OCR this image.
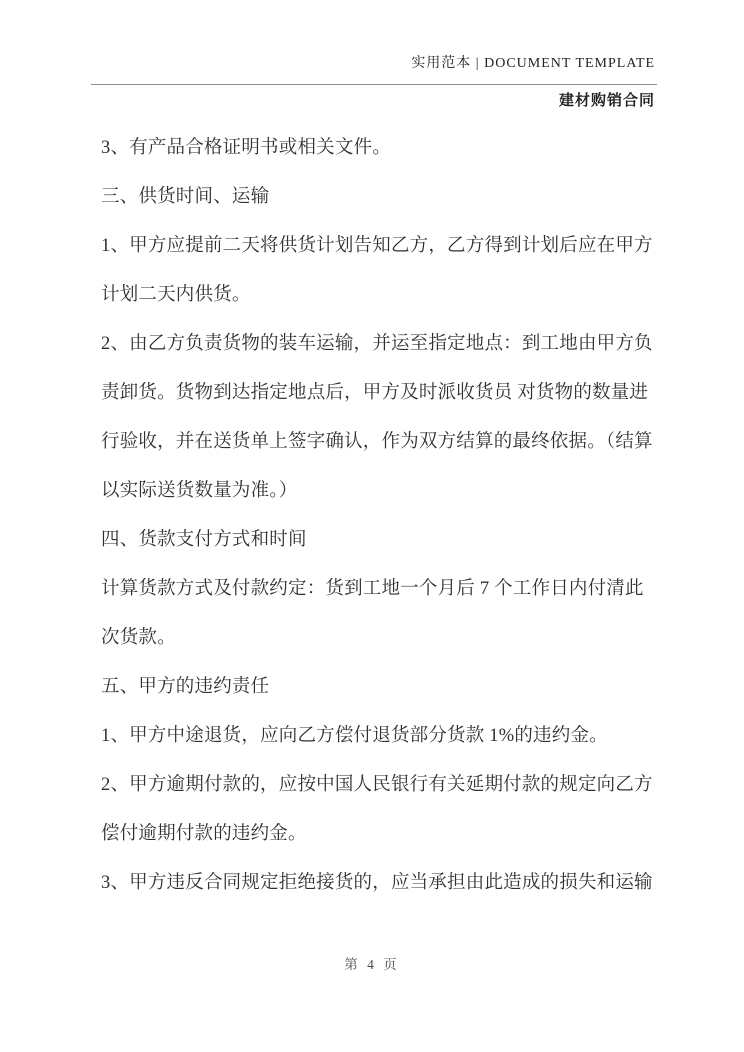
实用范本 | DOCUMENT TEMPLATE
建材购销合同

3、有产品合格证明书或相关文件。

三、供货时间、运输

1、甲方应提前二天将供货计划告知乙方，乙方得到计划后应在甲方

计划二天内供货。

2、由乙方负责货物的装车运输，并运至指定地点：到工地由甲方负

责卸货。货物到达指定地点后，甲方及时派收货员 对货物的数量进

行验收，并在送货单上签字确认，作为双方结算的最终依据。（结算

以实际送货数量为准。）

四、货款支付方式和时间

计算货款方式及付款约定：货到工地一个月后 7 个工作日内付清此

次货款。

五、甲方的违约责任

1、甲方中途退货，应向乙方偿付退货部分货款 1%的违约金。

2、甲方逾期付款的，应按中国人民银行有关延期付款的规定向乙方

偿付逾期付款的违约金。

3、甲方违反合同规定拒绝接货的，应当承担由此造成的损失和运输

第 4 页
